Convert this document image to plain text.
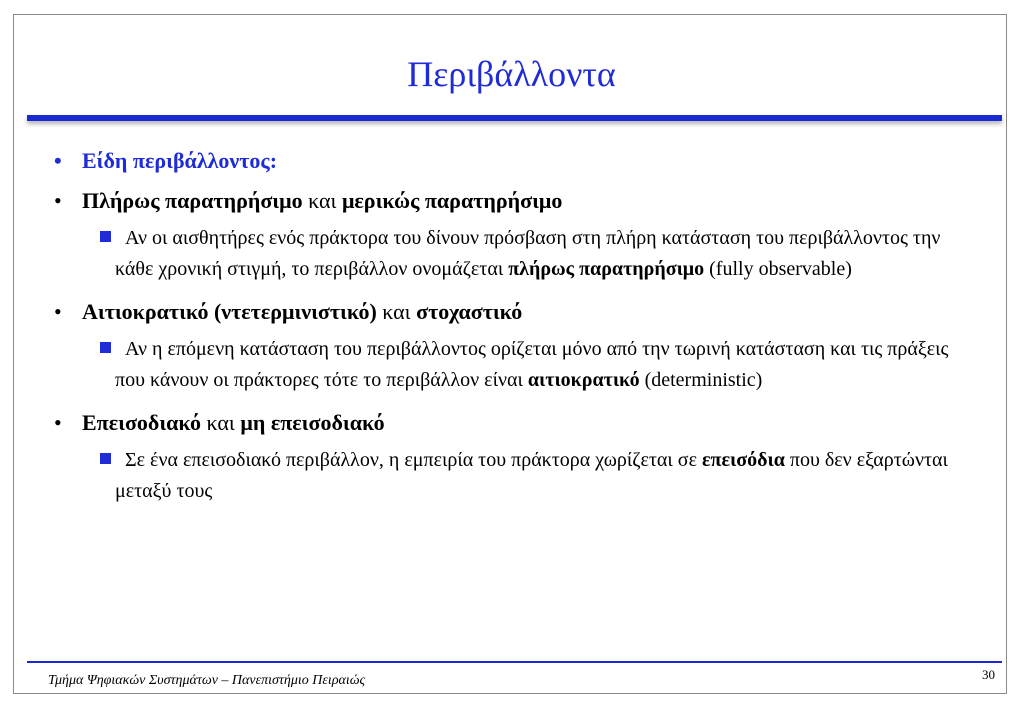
Περιβάλλοντα
• Είδη περιβάλλοντος:
• Πλήρως παρατηρήσιμο και μερικώς παρατηρήσιμο
Αν οι αισθητήρες ενός πράκτορα του δίνουν πρόσβαση στη πλήρη κατάσταση του περιβάλλοντος την κάθε χρονική στιγμή, το περιβάλλον ονομάζεται πλήρως παρατηρήσιμο (fully observable)
• Αιτιοκρατικό (ντετερμινιστικό) και στοχαστικό
Αν η επόμενη κατάσταση του περιβάλλοντος ορίζεται μόνο από την τωρινή κατάσταση και τις πράξεις που κάνουν οι πράκτορες τότε το περιβάλλον είναι αιτιοκρατικό (deterministic)
• Επεισοδιακό και μη επεισοδιακό
Σε ένα επεισοδιακό περιβάλλον, η εμπειρία του πράκτορα χωρίζεται σε επεισόδια που δεν εξαρτώνται μεταξύ τους
Τμήμα Ψηφιακών Συστημάτων – Πανεπιστήμιο Πειραιώς	30
